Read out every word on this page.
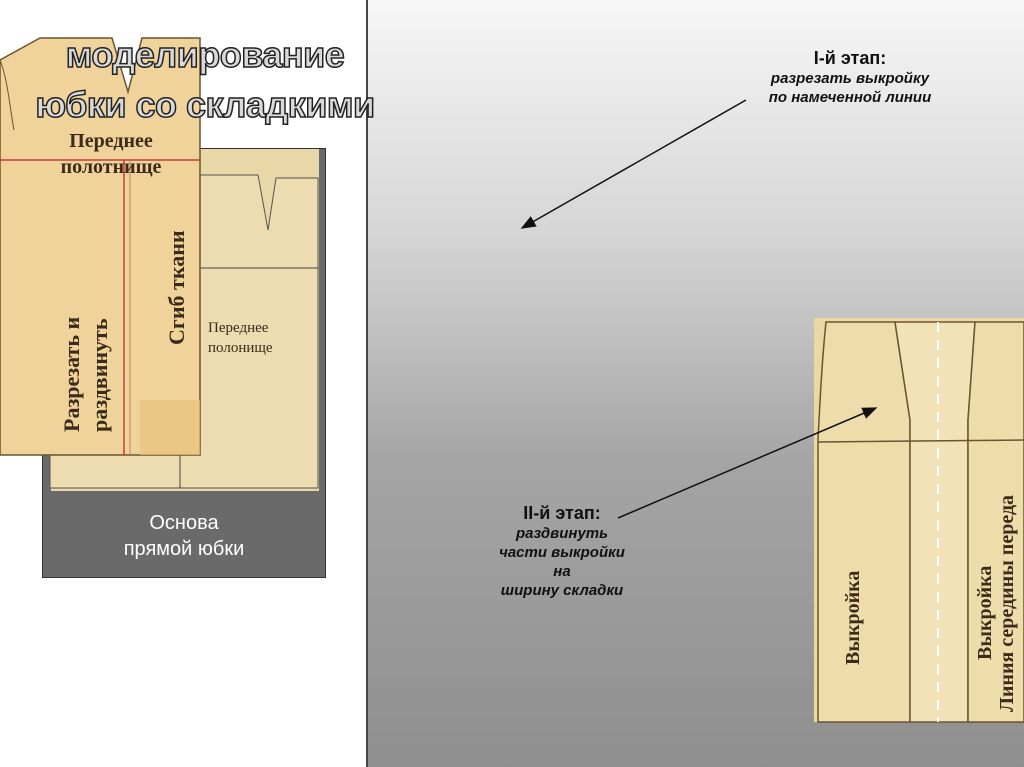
Переднее
полонище
Основа
прямой юбки
Переднее
полотнище
Разрезать и раздвинуть
Сгиб ткани
моделирование
юбки со складкими
I-й этап:
разрезать выкройку
по намеченной линии
II-й этап:
раздвинуть
части выкройки
на
ширину складки	Выкройка	Выкройка Линия середины переда
